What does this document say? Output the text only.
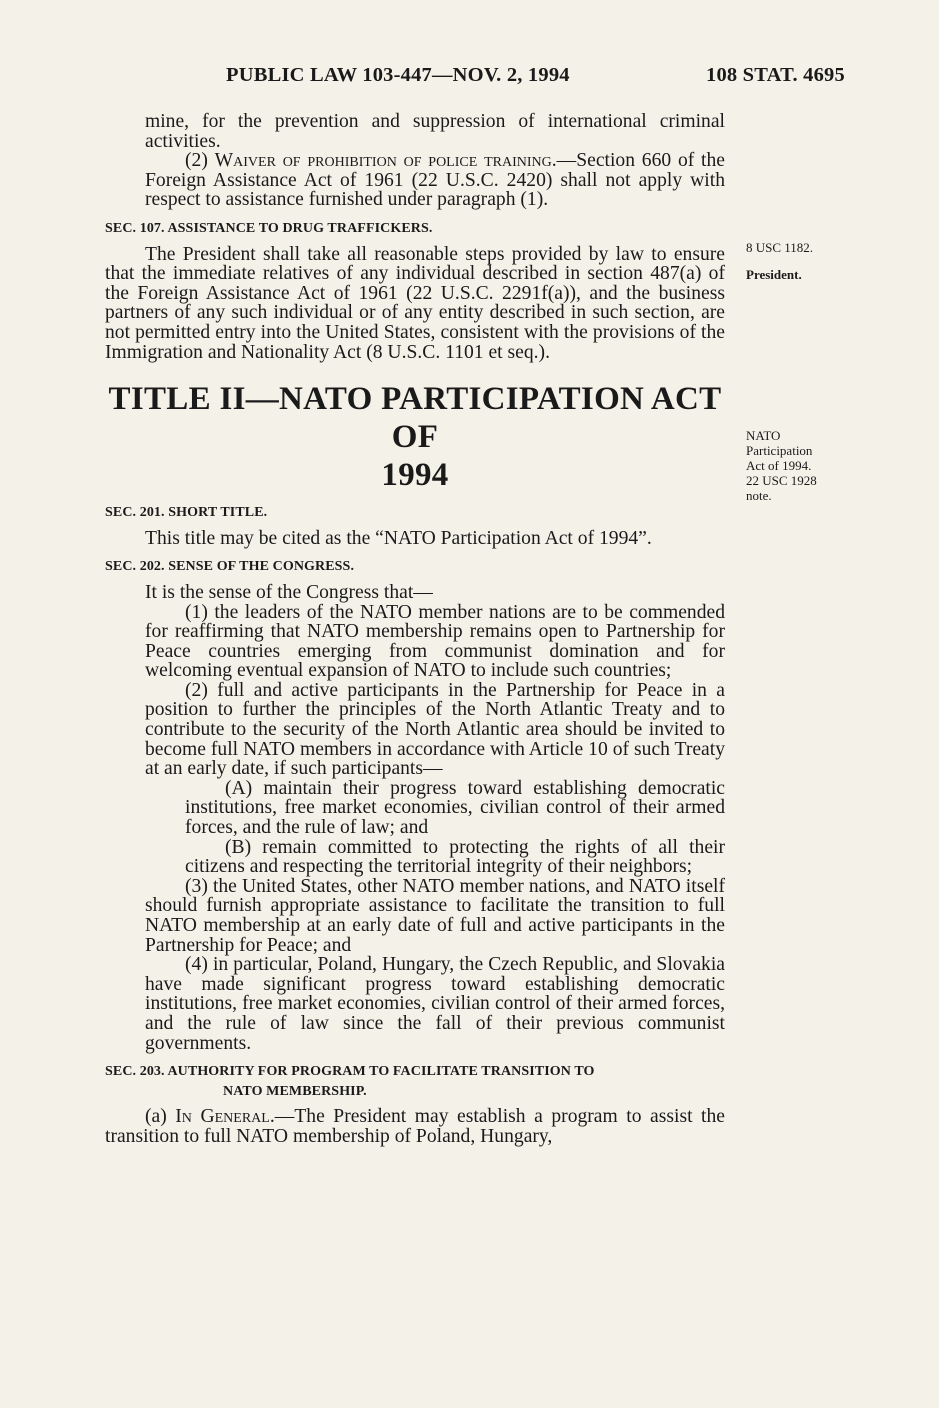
PUBLIC LAW 103-447—NOV. 2, 1994	108 STAT. 4695

mine, for the prevention and suppression of international criminal activities.

(2) Waiver of prohibition of police training.—Section 660 of the Foreign Assistance Act of 1961 (22 U.S.C. 2420) shall not apply with respect to assistance furnished under paragraph (1).

SEC. 107. ASSISTANCE TO DRUG TRAFFICKERS.

The President shall take all reasonable steps provided by law to ensure that the immediate relatives of any individual described in section 487(a) of the Foreign Assistance Act of 1961 (22 U.S.C. 2291f(a)), and the business partners of any such individual or of any entity described in such section, are not permitted entry into the United States, consistent with the provisions of the Immigration and Nationality Act (8 U.S.C. 1101 et seq.).

TITLE II—NATO PARTICIPATION ACT OF
1994
SEC. 201. SHORT TITLE.

This title may be cited as the “NATO Participation Act of 1994”.

SEC. 202. SENSE OF THE CONGRESS.

It is the sense of the Congress that—

(1) the leaders of the NATO member nations are to be commended for reaffirming that NATO membership remains open to Partnership for Peace countries emerging from communist domination and for welcoming eventual expansion of NATO to include such countries;

(2) full and active participants in the Partnership for Peace in a position to further the principles of the North Atlantic Treaty and to contribute to the security of the North Atlantic area should be invited to become full NATO members in accordance with Article 10 of such Treaty at an early date, if such participants—

(A) maintain their progress toward establishing democratic institutions, free market economies, civilian control of their armed forces, and the rule of law; and

(B) remain committed to protecting the rights of all their citizens and respecting the territorial integrity of their neighbors;

(3) the United States, other NATO member nations, and NATO itself should furnish appropriate assistance to facilitate the transition to full NATO membership at an early date of full and active participants in the Partnership for Peace; and

(4) in particular, Poland, Hungary, the Czech Republic, and Slovakia have made significant progress toward establishing democratic institutions, free market economies, civilian control of their armed forces, and the rule of law since the fall of their previous communist governments.

SEC. 203. AUTHORITY FOR PROGRAM TO FACILITATE TRANSITION TO
NATO MEMBERSHIP.

(a) In General.—The President may establish a program to assist the transition to full NATO membership of Poland, Hungary,

8 USC 1182.
President.
NATO
Participation
Act of 1994.
22 USC 1928
note.
